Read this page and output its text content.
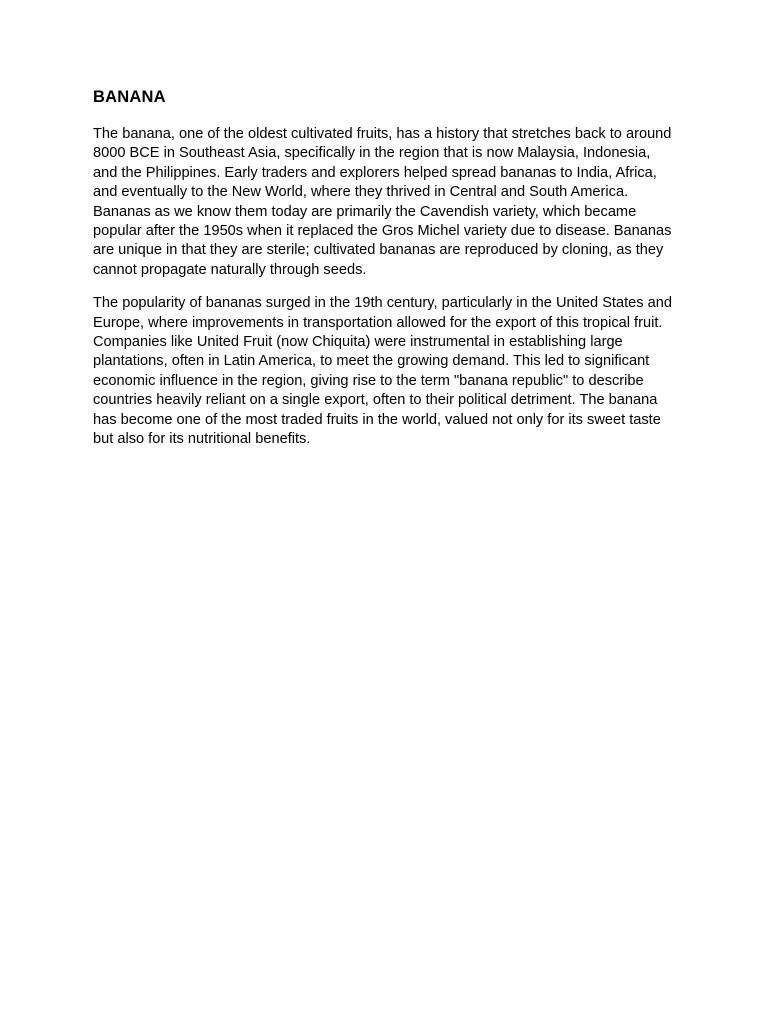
BANANA

The banana, one of the oldest cultivated fruits, has a history that stretches back to around 8000 BCE in Southeast Asia, specifically in the region that is now Malaysia, Indonesia, and the Philippines. Early traders and explorers helped spread bananas to India, Africa, and eventually to the New World, where they thrived in Central and South America. Bananas as we know them today are primarily the Cavendish variety, which became popular after the 1950s when it replaced the Gros Michel variety due to disease. Bananas are unique in that they are sterile; cultivated bananas are reproduced by cloning, as they cannot propagate naturally through seeds.

The popularity of bananas surged in the 19th century, particularly in the United States and Europe, where improvements in transportation allowed for the export of this tropical fruit. Companies like United Fruit (now Chiquita) were instrumental in establishing large plantations, often in Latin America, to meet the growing demand. This led to significant economic influence in the region, giving rise to the term "banana republic" to describe countries heavily reliant on a single export, often to their political detriment. The banana has become one of the most traded fruits in the world, valued not only for its sweet taste but also for its nutritional benefits.
